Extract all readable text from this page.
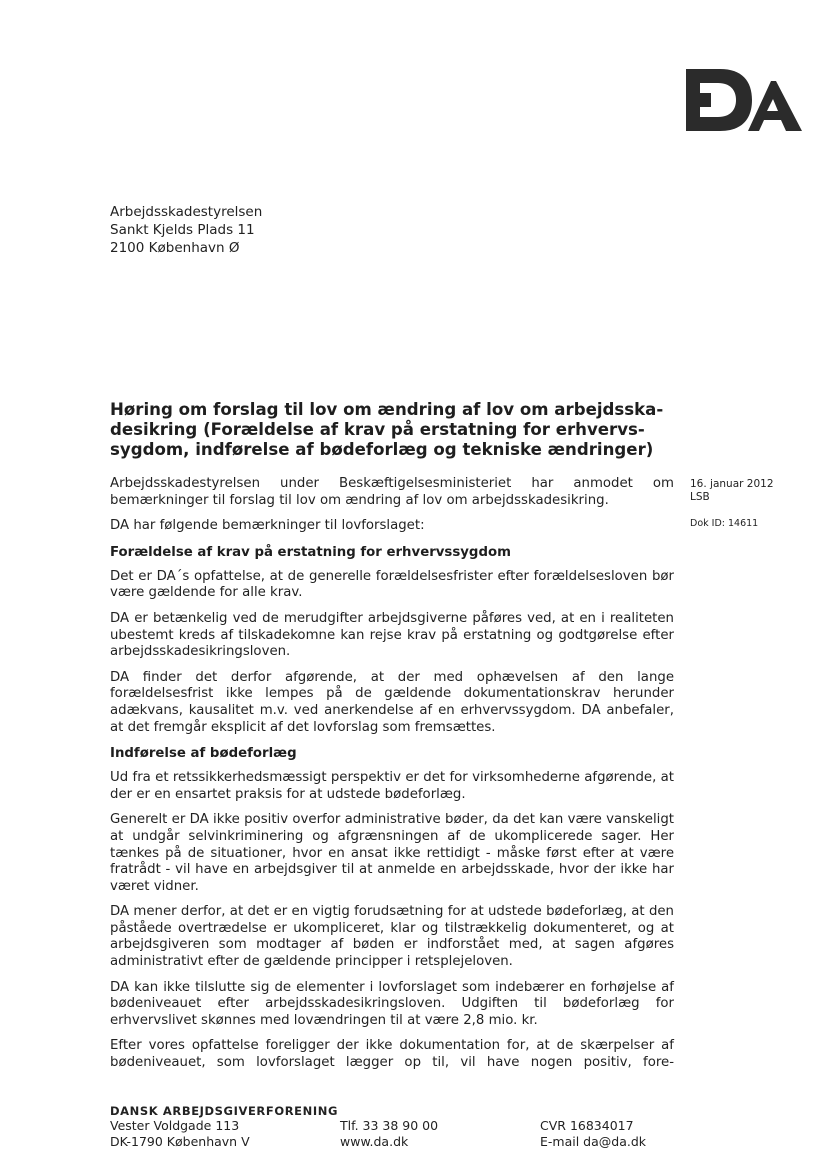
Arbejdsskadestyrelsen
Sankt Kjelds Plads 11
2100 København Ø
Høring om forslag til lov om ændring af lov om arbejdsska-
desikring (Forældelse af krav på erstatning for erhvervs-
sygdom, indførelse af bødeforlæg og tekniske ændringer)
16. januar 2012
LSB
Dok ID: 14611

Arbejdsskadestyrelsen under Beskæftigelsesministeriet har anmodet om bemærkninger til forslag til lov om ændring af lov om arbejdsskadesikring.

DA har følgende bemærkninger til lovforslaget:

Forældelse af krav på erstatning for erhvervssygdom

Det er DA´s opfattelse, at de generelle forældelsesfrister efter forældelsesloven bør være gældende for alle krav.

DA er betænkelig ved de merudgifter arbejdsgiverne påføres ved, at en i realiteten ubestemt kreds af tilskadekomne kan rejse krav på erstatning og godtgørelse efter arbejdsskadesikringsloven.

DA finder det derfor afgørende, at der med ophævelsen af den lange forældelsesfrist ikke lempes på de gældende dokumentationskrav herunder adækvans, kausalitet m.v. ved anerkendelse af en erhvervssygdom. DA anbefaler, at det fremgår eksplicit af det lovforslag som fremsættes.

Indførelse af bødeforlæg

Ud fra et retssikkerhedsmæssigt perspektiv er det for virksomhederne afgørende, at der er en ensartet praksis for at udstede bødeforlæg.

Generelt er DA ikke positiv overfor administrative bøder, da det kan være vanskeligt at undgår selvinkriminering og afgrænsningen af de ukomplicerede sager. Her tænkes på de situationer, hvor en ansat ikke rettidigt - måske først efter at være fratrådt - vil have en arbejdsgiver til at anmelde en arbejdsskade, hvor der ikke har været vidner.

DA mener derfor, at det er en vigtig forudsætning for at udstede bødeforlæg, at den påståede overtrædelse er ukompliceret, klar og tilstrækkelig dokumenteret, og at arbejdsgiveren som modtager af bøden er indforstået med, at sagen afgøres administrativt efter de gældende principper i retsplejeloven.

DA kan ikke tilslutte sig de elementer i lovforslaget som indebærer en forhøjelse af bødeniveauet efter arbejdsskadesikringsloven. Udgiften til bødeforlæg for erhvervslivet skønnes med lovændringen til at være 2,8 mio. kr.

Efter vores opfattelse foreligger der ikke dokumentation for, at de skærpelser af bødeniveauet, som lovforslaget lægger op til, vil have nogen positiv, fore-

DANSK ARBEJDSGIVERFORENING
Vester Voldgade 113
DK-1790 København V
Tlf. 33 38 90 00
www.da.dk
CVR 16834017
E-mail da@da.dk
